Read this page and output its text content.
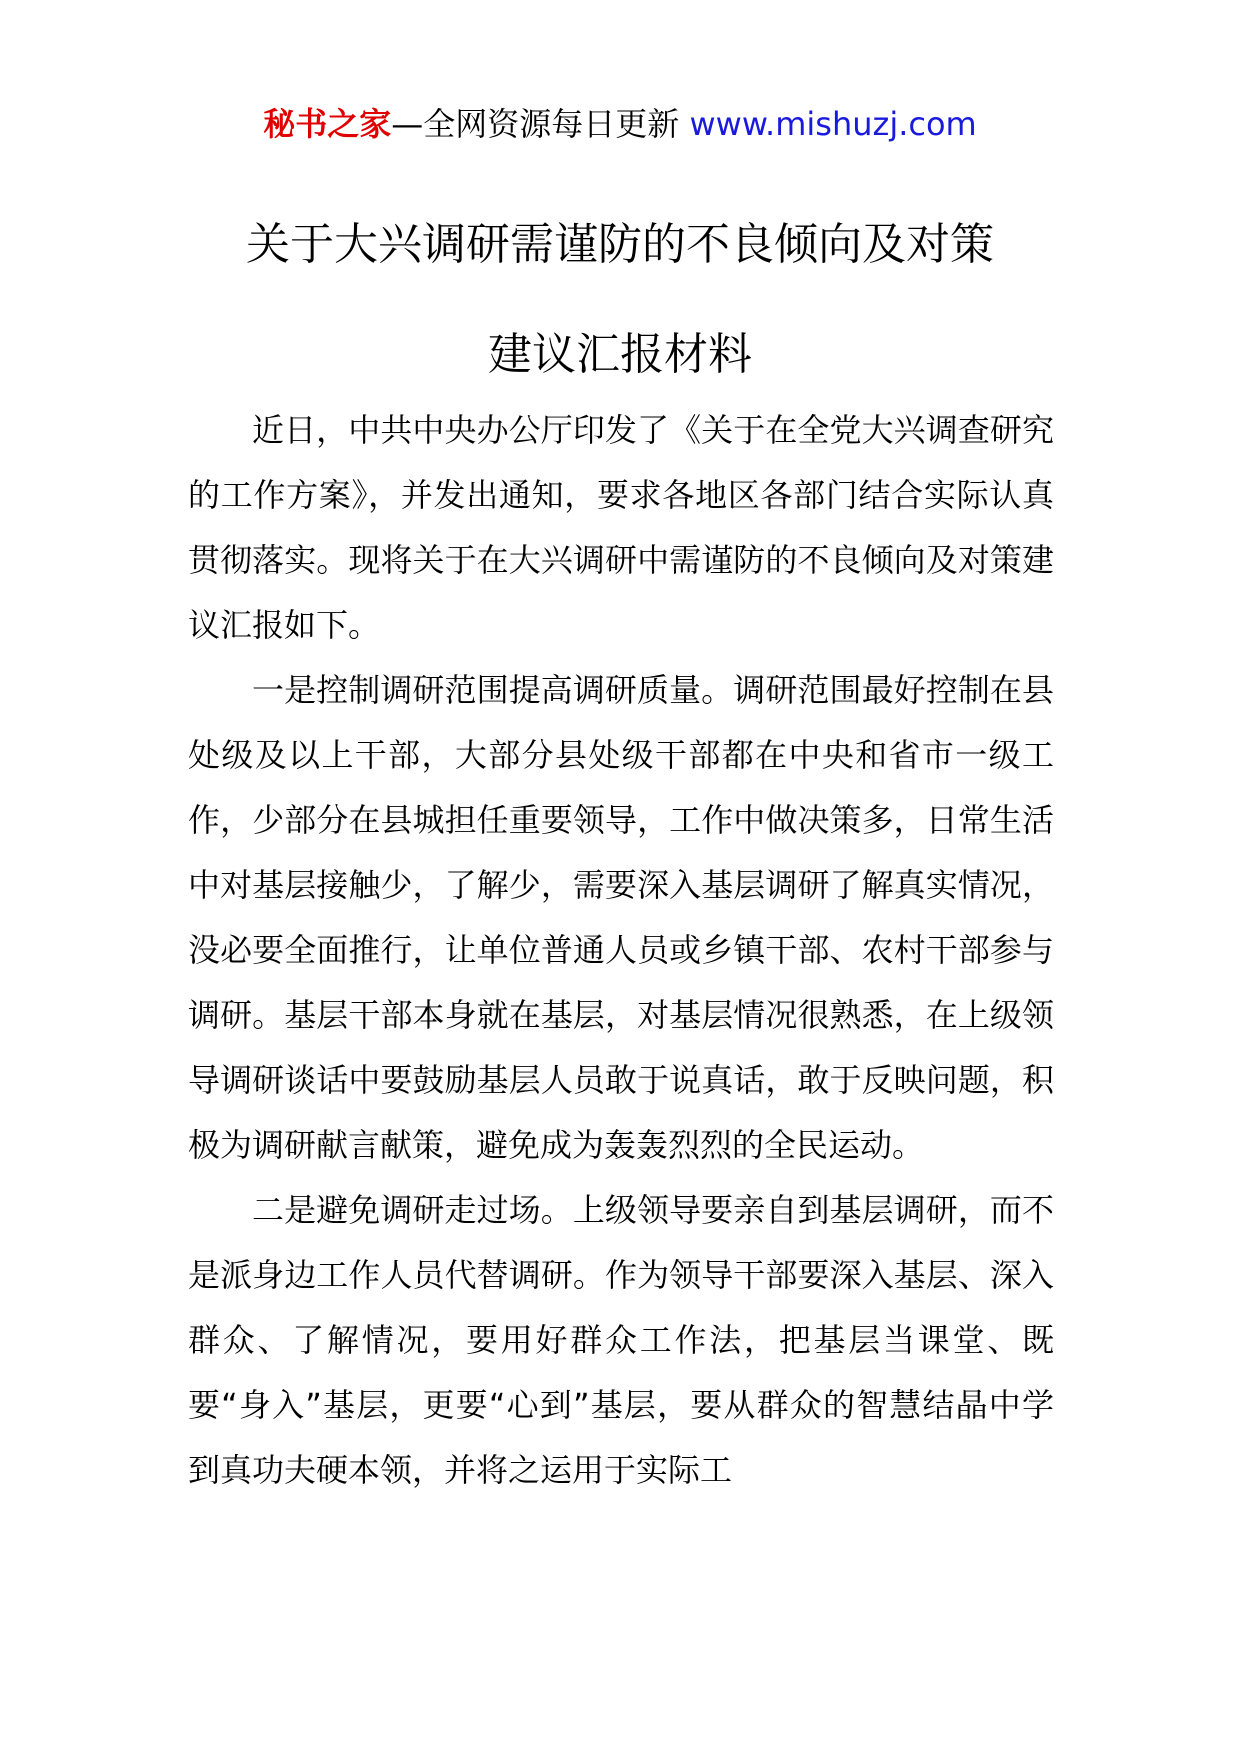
秘书之家—全网资源每日更新 www.mishuzj.com
关于大兴调研需谨防的不良倾向及对策
建议汇报材料

近日，中共中央办公厅印发了《关于在全党大兴调查研究的工作方案》，并发出通知，要求各地区各部门结合实际认真贯彻落实。现将关于在大兴调研中需谨防的不良倾向及对策建议汇报如下。

一是控制调研范围提高调研质量。调研范围最好控制在县处级及以上干部，大部分县处级干部都在中央和省市一级工作，少部分在县城担任重要领导，工作中做决策多，日常生活中对基层接触少，了解少，需要深入基层调研了解真实情况，没必要全面推行，让单位普通人员或乡镇干部、农村干部参与调研。基层干部本身就在基层，对基层情况很熟悉，在上级领导调研谈话中要鼓励基层人员敢于说真话，敢于反映问题，积极为调研献言献策，避免成为轰轰烈烈的全民运动。

二是避免调研走过场。上级领导要亲自到基层调研，而不是派身边工作人员代替调研。作为领导干部要深入基层、深入群众、了解情况，要用好群众工作法，把基层当课堂、既要“身入”基层，更要“心到”基层，要从群众的智慧结晶中学到真功夫硬本领，并将之运用于实际工
